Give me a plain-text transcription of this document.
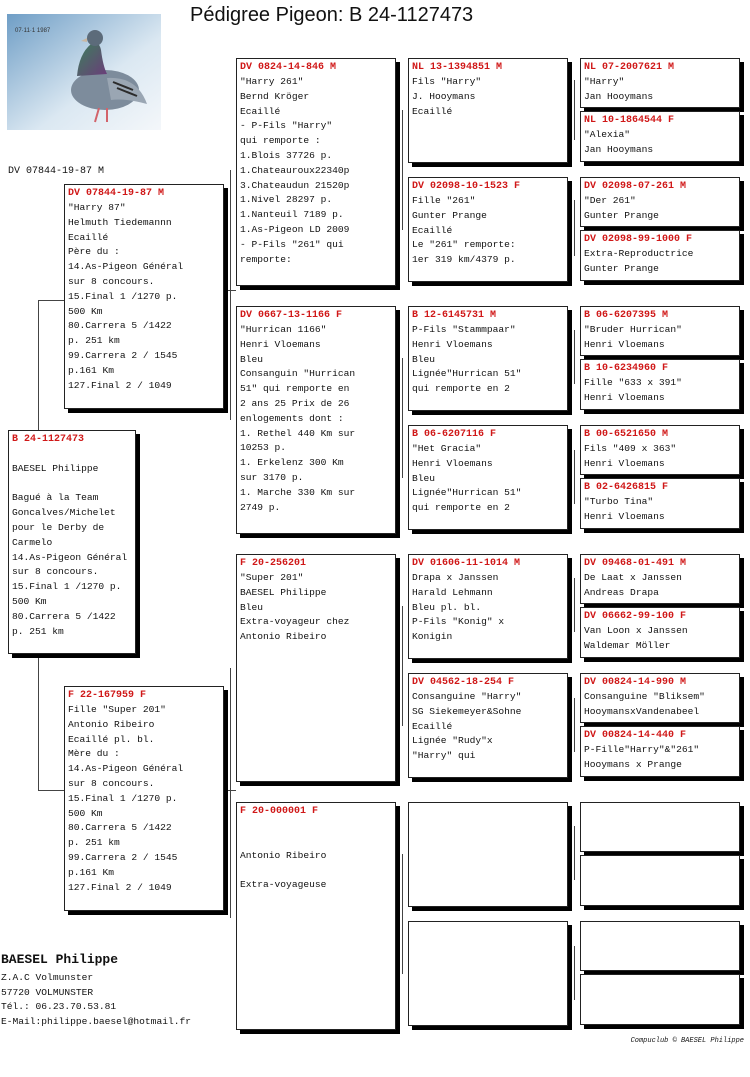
Pédigree Pigeon: B 24-1127473
07·11·1 1987
DV 07844-19-87 M
B 24-1127473

BAESEL Philippe

Bagué à la Team
Goncalves/Michelet
pour le Derby de
Carmelo
14.As-Pigeon Général
sur 8 concours.
15.Final 1 /1270 p.
500 Km
80.Carrera 5 /1422
p. 251 km
DV 07844-19-87 M
"Harry 87"
Helmuth Tiedemannn
Ecaillé
Père du :
14.As-Pigeon Général
sur 8 concours.
15.Final 1 /1270 p.
500 Km
80.Carrera 5 /1422
p. 251 km
99.Carrera 2 / 1545
p.161 Km
127.Final 2 / 1049
F 22-167959 F
Fille "Super 201"
Antonio Ribeiro
Ecaillé pl. bl.
Mère du :
14.As-Pigeon Général
sur 8 concours.
15.Final 1 /1270 p.
500 Km
80.Carrera 5 /1422
p. 251 km
99.Carrera 2 / 1545
p.161 Km
127.Final 2 / 1049
DV 0824-14-846 M
"Harry 261"
Bernd Kröger
Ecaillé
- P-Fils "Harry"
qui remporte :
1.Blois 37726 p.
1.Chateauroux22340p
3.Chateaudun 21520p
1.Nivel 28297 p.
1.Nanteuil 7189 p.
1.As-Pigeon LD 2009
- P-Fils "261" qui
remporte:
DV 0667-13-1166 F
"Hurrican 1166"
Henri Vloemans
Bleu
Consanguin "Hurrican
51" qui remporte en
2 ans 25 Prix de 26
enlogements dont :
1. Rethel 440 Km sur
10253 p.
1. Erkelenz 300 Km
sur 3170 p.
1. Marche 330 Km sur
2749 p.
F 20-256201
"Super 201"
BAESEL Philippe
Bleu
Extra-voyageur chez
Antonio Ribeiro
F 20-000001 F

Antonio Ribeiro

Extra-voyageuse
NL 13-1394851 M
Fils "Harry"
J. Hooymans
Ecaillé
DV 02098-10-1523 F
Fille "261"
Gunter Prange
Ecaillé
Le "261" remporte:
1er 319 km/4379 p.
B 12-6145731 M
P-Fils "Stammpaar"
Henri Vloemans
Bleu
Lignée"Hurrican 51"
qui remporte en 2
B 06-6207116 F
"Het Gracia"
Henri Vloemans
Bleu
Lignée"Hurrican 51"
qui remporte en 2
DV 01606-11-1014 M
Drapa x Janssen
Harald Lehmann
Bleu pl. bl.
P-Fils "Konig" x
Konigin
DV 04562-18-254 F
Consanguine "Harry"
SG Siekemeyer&Sohne
Ecaillé
Lignée "Rudy"x
"Harry" qui

NL 07-2007621 M
"Harry"
Jan Hooymans
NL 10-1864544 F
"Alexia"
Jan Hooymans
DV 02098-07-261 M
"Der 261"
Gunter Prange
DV 02098-99-1000 F
Extra-Reproductrice
Gunter Prange
B 06-6207395 M
"Bruder Hurrican"
Henri Vloemans
B 10-6234960 F
Fille "633 x 391"
Henri Vloemans
B 00-6521650 M
Fils "409 x 363"
Henri Vloemans
B 02-6426815 F
"Turbo Tina"
Henri Vloemans
DV 09468-01-491 M
De Laat x Janssen
Andreas Drapa
DV 06662-99-100 F
Van Loon x Janssen
Waldemar Möller
DV 00824-14-990 M
Consanguine "Bliksem"
HooymansxVandenabeel
DV 00824-14-440 F
P-Fille"Harry"&"261"
Hooymans x Prange

BAESEL Philippe
Z.A.C Volmunster
57720 VOLMUNSTER
Tél.: 06.23.70.53.81
E-Mail:philippe.baesel@hotmail.fr
Compuclub © BAESEL Philippe
